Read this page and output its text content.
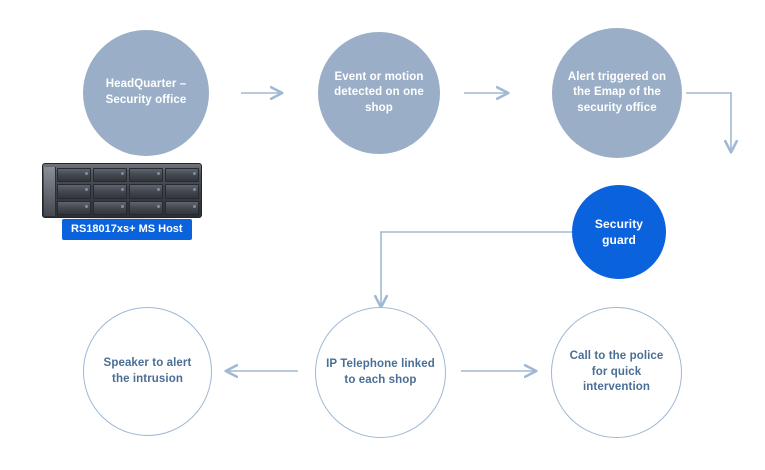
HeadQuarter – Security office
Event or motion detected on one shop
Alert triggered on the Emap of the security office
Security guard
Speaker to alert the intrusion
IP Telephone linked to each shop
Call to the police for quick intervention
RS18017xs+ MS Host
